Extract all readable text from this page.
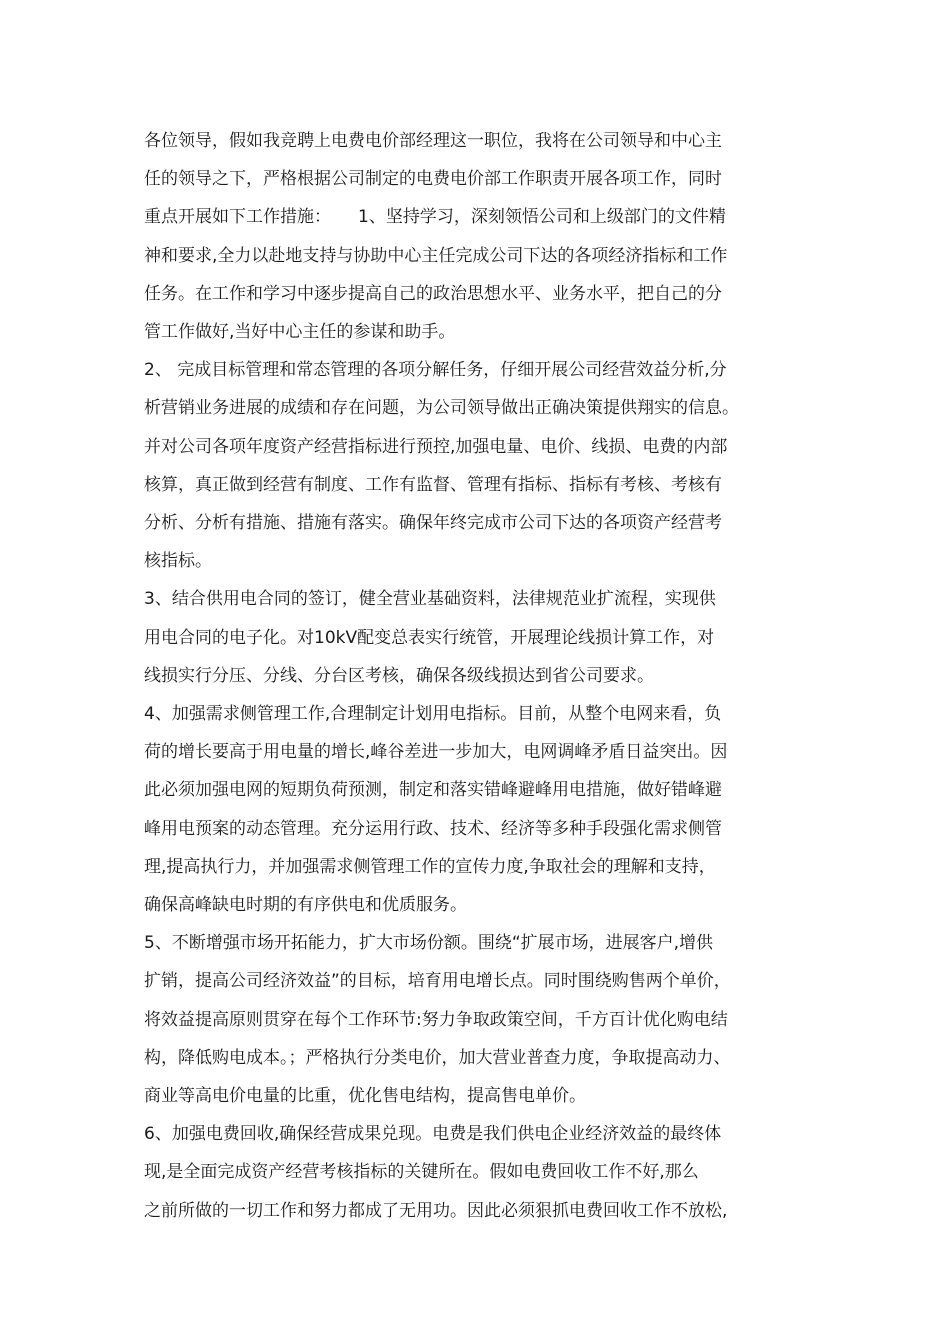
各位领导，假如我竞聘上电费电价部经理这一职位，我将在公司领导和中心主
任的领导之下，严格根据公司制定的电费电价部工作职责开展各项工作，同时
重点开展如下工作措施：     1、坚持学习，深刻领悟公司和上级部门的文件精
神和要求,全力以赴地支持与协助中心主任完成公司下达的各项经济指标和工作
任务。在工作和学习中逐步提高自己的政治思想水平、业务水平，把自己的分
管工作做好,当好中心主任的参谋和助手。
2、 完成目标管理和常态管理的各项分解任务，仔细开展公司经营效益分析,分
析营销业务进展的成绩和存在问题，为公司领导做出正确决策提供翔实的信息。
并对公司各项年度资产经营指标进行预控,加强电量、电价、线损、电费的内部
核算，真正做到经营有制度、工作有监督、管理有指标、指标有考核、考核有
分析、分析有措施、措施有落实。确保年终完成市公司下达的各项资产经营考
核指标。
3、结合供用电合同的签订，健全营业基础资料，法律规范业扩流程，实现供
用电合同的电子化。对10kV配变总表实行统管，开展理论线损计算工作，对
线损实行分压、分线、分台区考核，确保各级线损达到省公司要求。
4、加强需求侧管理工作,合理制定计划用电指标。目前，从整个电网来看，负
荷的增长要高于用电量的增长,峰谷差进一步加大，电网调峰矛盾日益突出。因
此必须加强电网的短期负荷预测，制定和落实错峰避峰用电措施，做好错峰避
峰用电预案的动态管理。充分运用行政、技术、经济等多种手段强化需求侧管
理,提高执行力，并加强需求侧管理工作的宣传力度,争取社会的理解和支持，
确保高峰缺电时期的有序供电和优质服务。
5、不断增强市场开拓能力，扩大市场份额。围绕“扩展市场，进展客户,增供
扩销，提高公司经济效益”的目标，培育用电增长点。同时围绕购售两个单价，
将效益提高原则贯穿在每个工作环节:努力争取政策空间，千方百计优化购电结
构，降低购电成本。；严格执行分类电价，加大营业普查力度，争取提高动力、
商业等高电价电量的比重，优化售电结构，提高售电单价。
6、加强电费回收,确保经营成果兑现。电费是我们供电企业经济效益的最终体
现,是全面完成资产经营考核指标的关键所在。假如电费回收工作不好,那么
之前所做的一切工作和努力都成了无用功。因此必须狠抓电费回收工作不放松,
